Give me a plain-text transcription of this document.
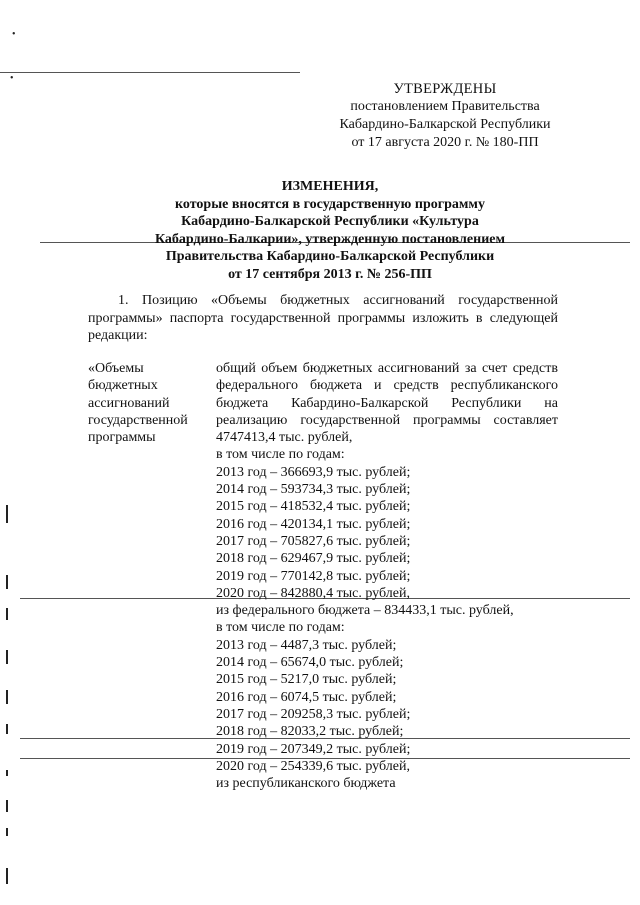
•
•
УТВЕРЖДЕНЫ
постановлением Правительства
Кабардино-Балкарской Республики
от 17 августа 2020 г. № 180-ПП
ИЗМЕНЕНИЯ,
которые вносятся в государственную программу
Кабардино-Балкарской Республики «Культура
Кабардино-Балкарии», утвержденную постановлением
Правительства Кабардино-Балкарской Республики
от 17 сентября 2013 г. № 256-ПП
1. Позицию «Объемы бюджетных ассигнований государственной программы» паспорта государственной программы изложить в следующей редакции:
«Объемы бюджетных ассигнований государственной программы
общий объем бюджетных ассигнований за счет средств федерального бюджета и средств республиканского бюджета Кабардино-Балкарской Республики на реализацию государственной программы составляет 4747413,4 тыс. рублей,
в том числе по годам:
2013 год – 366693,9 тыс. рублей;
2014 год – 593734,3 тыс. рублей;
2015 год – 418532,4 тыс. рублей;
2016 год – 420134,1 тыс. рублей;
2017 год – 705827,6 тыс. рублей;
2018 год – 629467,9 тыс. рублей;
2019 год – 770142,8 тыс. рублей;
2020 год – 842880,4 тыс. рублей,
из федерального бюджета – 834433,1 тыс. рублей,
в том числе по годам:
2013 год – 4487,3 тыс. рублей;
2014 год – 65674,0 тыс. рублей;
2015 год – 5217,0 тыс. рублей;
2016 год – 6074,5 тыс. рублей;
2017 год – 209258,3 тыс. рублей;
2018 год – 82033,2 тыс. рублей;
2019 год – 207349,2 тыс. рублей;
2020 год – 254339,6 тыс. рублей,
из республиканского бюджета
